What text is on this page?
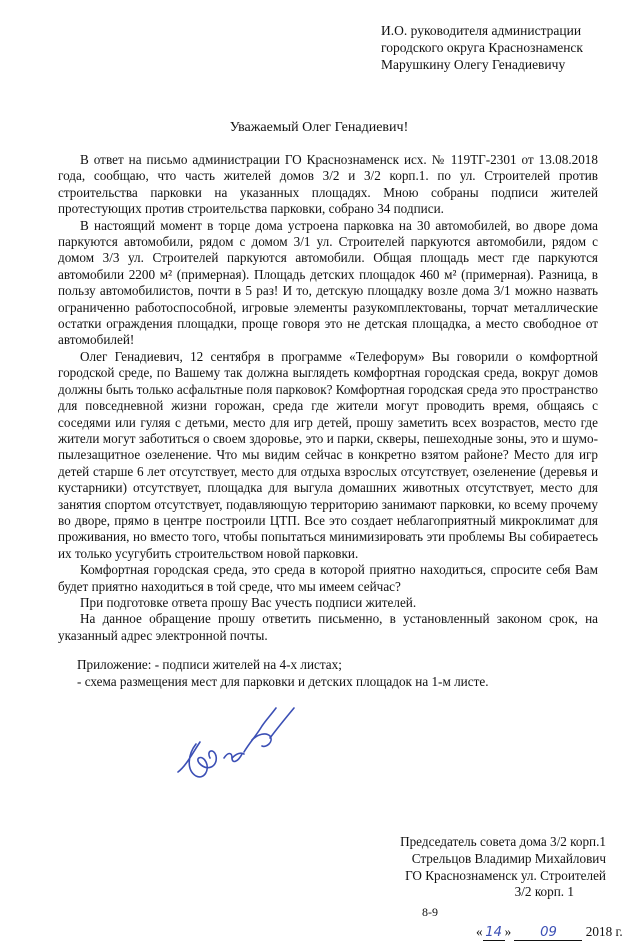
И.О. руководителя администрации
городского округа Краснознаменск
Марушкину Олегу Генадиевичу
Уважаемый Олег Генадиевич!

В ответ на письмо администрации ГО Краснознаменск исх. № 119ТГ-2301 от 13.08.2018 года, сообщаю, что часть жителей домов 3/2 и 3/2 корп.1. по ул. Строителей против строительства парковки на указанных площадях. Мною собраны подписи жителей протестующих против строительства парковки, собрано 34 подписи.

В настоящий момент в торце дома устроена парковка на 30 автомобилей, во дворе дома паркуются автомобили, рядом с домом 3/1 ул. Строителей паркуются автомобили, рядом с домом 3/3 ул. Строителей паркуются автомобили. Общая площадь мест где паркуются автомобили 2200 м² (примерная). Площадь детских площадок 460 м² (примерная). Разница, в пользу автомобилистов, почти в 5 раз! И то, детскую площадку возле дома 3/1 можно назвать ограниченно работоспособной, игровые элементы разукомплектованы, торчат металлические остатки ограждения площадки, проще говоря это не детская площадка, а место свободное от автомобилей!

Олег Генадиевич, 12 сентября в программе «Телефорум» Вы говорили о комфортной городской среде, по Вашему так должна выглядеть комфортная городская среда, вокруг домов должны быть только асфальтные поля парковок? Комфортная городская среда это пространство для повседневной жизни горожан, среда где жители могут проводить время, общаясь с соседями или гуляя с детьми, место для игр детей, прошу заметить всех возрастов, место где жители могут заботиться о своем здоровье, это и парки, скверы, пешеходные зоны, это и шумо-пылезащитное озеленение. Что мы видим сейчас в конкретно взятом районе? Место для игр детей старше 6 лет отсутствует, место для отдыха взрослых отсутствует, озеленение (деревья и кустарники) отсутствует, площадка для выгула домашних животных отсутствует, место для занятия спортом отсутствует, подавляющую территорию занимают парковки, ко всему прочему во дворе, прямо в центре построили ЦТП. Все это создает неблагоприятный микроклимат для проживания, но вместо того, чтобы попытаться минимизировать эти проблемы Вы собираетесь их только усугубить строительством новой парковки.

Комфортная городская среда, это среда в которой приятно находиться, спросите себя Вам будет приятно находиться в той среде, что мы имеем сейчас?

При подготовке ответа прошу Вас учесть подписи жителей.

На данное обращение прошу ответить письменно, в установленный законом срок, на указанный адрес электронной почты.

Приложение: - подписи жителей на 4-х листах;
- схема размещения мест для парковки и детских площадок на 1-м листе.
Председатель совета дома 3/2 корп.1
Стрельцов Владимир Михайлович
ГО Краснознаменск ул. Строителей
3/2 корп. 1
8-9
« 14 » 09 2018 г.
